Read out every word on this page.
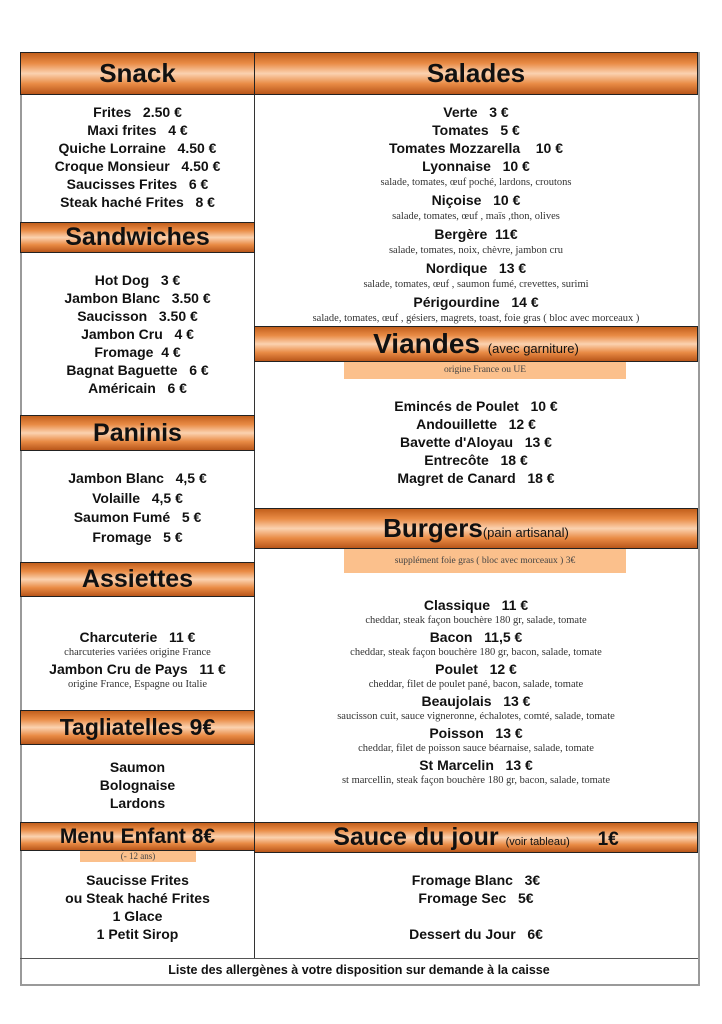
Snack
Sandwiches
Paninis
Assiettes
Tagliatelles 9€
Menu Enfant 8€
(- 12 ans)
Salades
Viandes (avec garniture)
origine France ou UE
Burgers(pain artisanal)
supplément foie gras ( bloc avec morceaux ) 3€
Sauce du jour (voir tableau) 1€
Frites   2.50 €
Maxi frites   4 €
Quiche Lorraine   4.50 €
Croque Monsieur   4.50 €
Saucisses Frites   6 €
Steak haché Frites   8 €
Hot Dog   3 €
Jambon Blanc   3.50 €
Saucisson   3.50 €
Jambon Cru   4 €
Fromage  4 €
Bagnat Baguette   6 €
Américain   6 €
Jambon Blanc   4,5 €
Volaille   4,5 €
Saumon Fumé   5 €
Fromage   5 €
Charcuterie   11 €
charcuteries variées origine France
Jambon Cru de Pays   11 €
origine France, Espagne ou Italie
Saumon
Bolognaise
Lardons
Saucisse Frites
ou Steak haché Frites
1 Glace
1 Petit Sirop
Verte   3 €
Tomates   5 €
Tomates Mozzarella    10 €
Lyonnaise   10 €
salade, tomates, œuf poché, lardons, croutons
Niçoise   10 €
salade, tomates, œuf , maïs ,thon, olives
Bergère  11€
salade, tomates, noix, chèvre, jambon cru
Nordique   13 €
salade, tomates, œuf , saumon fumé, crevettes, surimi
Périgourdine   14 €
salade, tomates, œuf , gésiers, magrets, toast, foie gras ( bloc avec morceaux )
Emincés de Poulet   10 €
Andouillette   12 €
Bavette d'Aloyau   13 €
Entrecôte   18 €
Magret de Canard   18 €
Classique   11 €
cheddar, steak façon bouchère 180 gr, salade, tomate
Bacon   11,5 €
cheddar, steak façon bouchère 180 gr, bacon, salade, tomate
Poulet   12 €
cheddar, filet de poulet pané, bacon, salade, tomate
Beaujolais   13 €
saucisson cuit, sauce vigneronne, échalotes, comté, salade, tomate
Poisson   13 €
cheddar, filet de poisson sauce béarnaise, salade, tomate
St Marcelin   13 €
st marcellin, steak façon bouchère 180 gr, bacon, salade, tomate
Fromage Blanc   3€
Fromage Sec   5€

Dessert du Jour   6€
Liste des allergènes à votre disposition sur demande à la caisse
